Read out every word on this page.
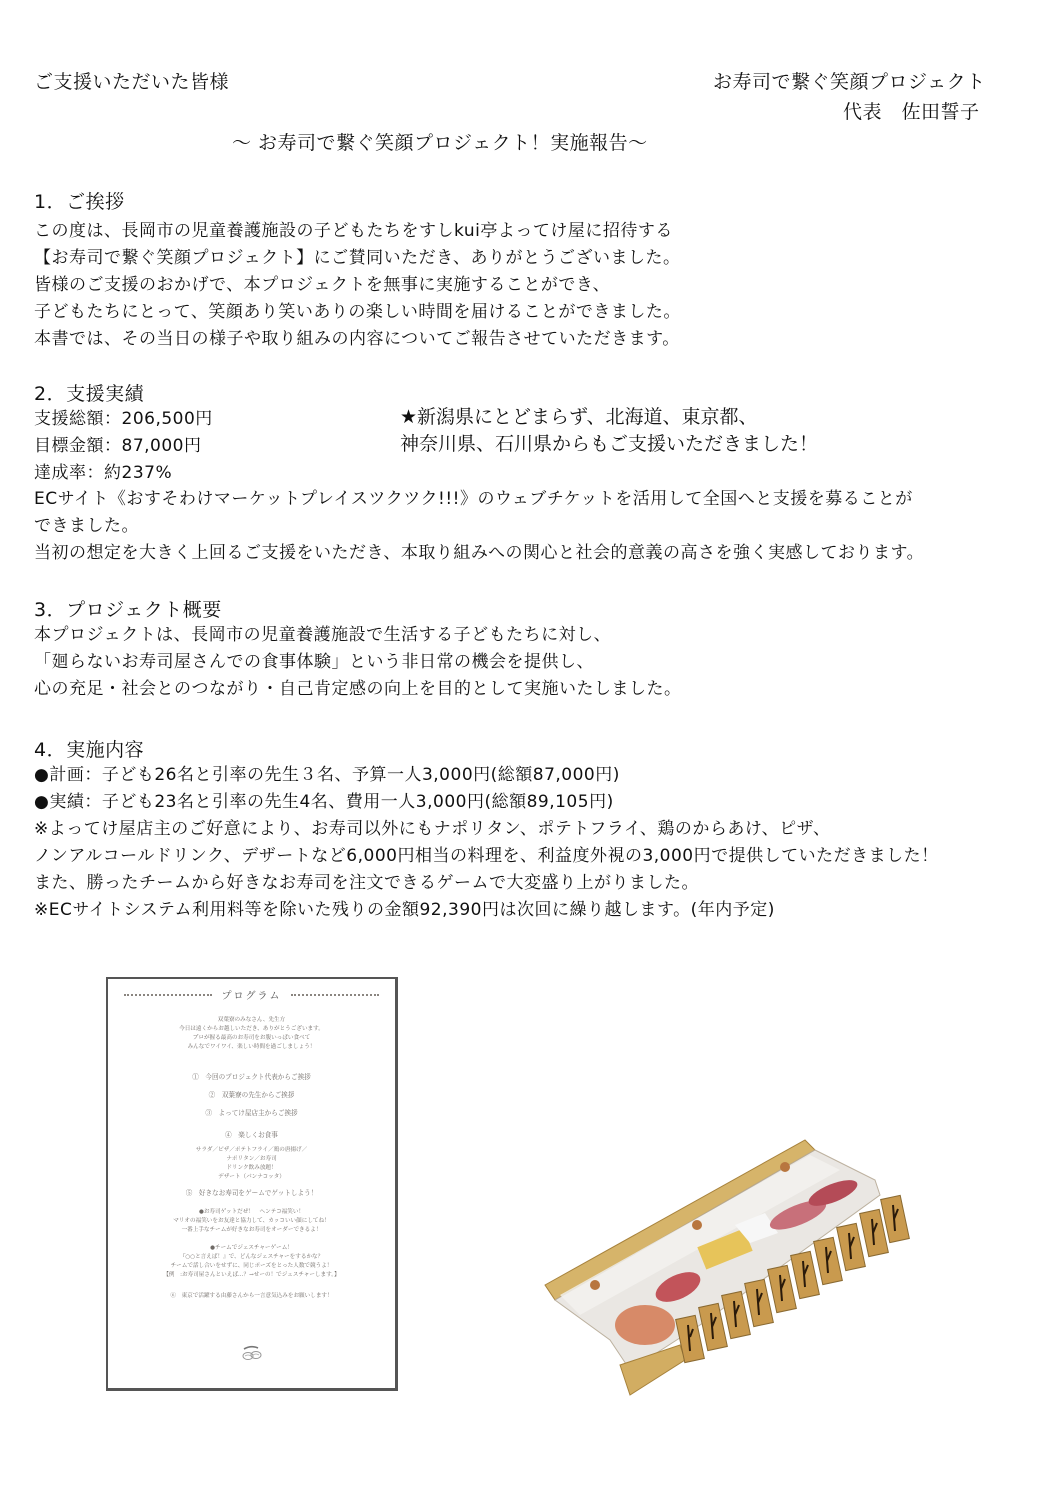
ご支援いただいた皆様	お寿司で繋ぐ笑顔プロジェクト
代表　佐田誓子
～ お寿司で繋ぐ笑顔プロジェクト！実施報告～
1．ご挨拶
この度は、長岡市の児童養護施設の子どもたちをすしkui亭よってけ屋に招待する
【お寿司で繋ぐ笑顔プロジェクト】にご賛同いただき、ありがとうございました。
皆様のご支援のおかげで、本プロジェクトを無事に実施することができ、
子どもたちにとって、笑顔あり笑いありの楽しい時間を届けることができました。
本書では、その当日の様子や取り組みの内容についてご報告させていただきます。
2．支援実績
支援総額：206,500円
目標金額：87,000円
達成率：約237%
★新潟県にとどまらず、北海道、東京都、
神奈川県、石川県からもご支援いただきました！
ECサイト《おすそわけマーケットプレイスツクツク!!!》のウェブチケットを活用して全国へと支援を募ることが
できました。
当初の想定を大きく上回るご支援をいただき、本取り組みへの関心と社会的意義の高さを強く実感しております。
3．プロジェクト概要
本プロジェクトは、長岡市の児童養護施設で生活する子どもたちに対し、
「廻らないお寿司屋さんでの食事体験」という非日常の機会を提供し、
心の充足・社会とのつながり・自己肯定感の向上を目的として実施いたしました。
4．実施内容
●計画：子ども26名と引率の先生３名、予算一人3,000円(総額87,000円)
●実績：子ども23名と引率の先生4名、費用一人3,000円(総額89,105円)
※よってけ屋店主のご好意により、お寿司以外にもナポリタン、ポテトフライ、鶏のからあけ、ピザ、
ノンアルコールドリンク、デザートなど6,000円相当の料理を、利益度外視の3,000円で提供していただきました！
また、勝ったチームから好きなお寿司を注文できるゲームで大変盛り上がりました。
※ECサイトシステム利用料等を除いた残りの金額92,390円は次回に繰り越します。(年内予定)
プログラム
双葉寮のみなさん、先生方
今日は遠くからお越しいただき、ありがとうございます。
プロが握る最高のお寿司をお腹いっぱい食べて
みんなでワイワイ、楽しい時間を過ごしましょう！
①　今回のプロジェクト代表からご挨拶
②　双葉寮の先生からご挨拶
③　よってけ屋店主からご挨拶
④　楽しくお食事
サラダ／ピザ／ポテトフライ／鶏の唐揚げ／
ナポリタン／お寿司
ドリンク飲み放題！
デザート（パンナコッタ）
⑤　好きなお寿司をゲームでゲットしよう！
●お寿司ゲットだぜ！　ヘンテコ福笑い！
マリオの福笑いをお友達と協力して、カッコいい顔にしてね！
一番上手なチームが好きなお寿司をオーダーできるよ！
●チームでジェスチャーゲーム！
『○○と言えば！』で、どんなジェスチャーをするかな？
チームで話し合いをせずに、同じポーズをとった人数で競うよ！
【例　:お寿司屋さんといえば…？→せーの！でジェスチャーします。】
⑥　東京で活躍する由藤さんから一言意気込みをお願いします！
